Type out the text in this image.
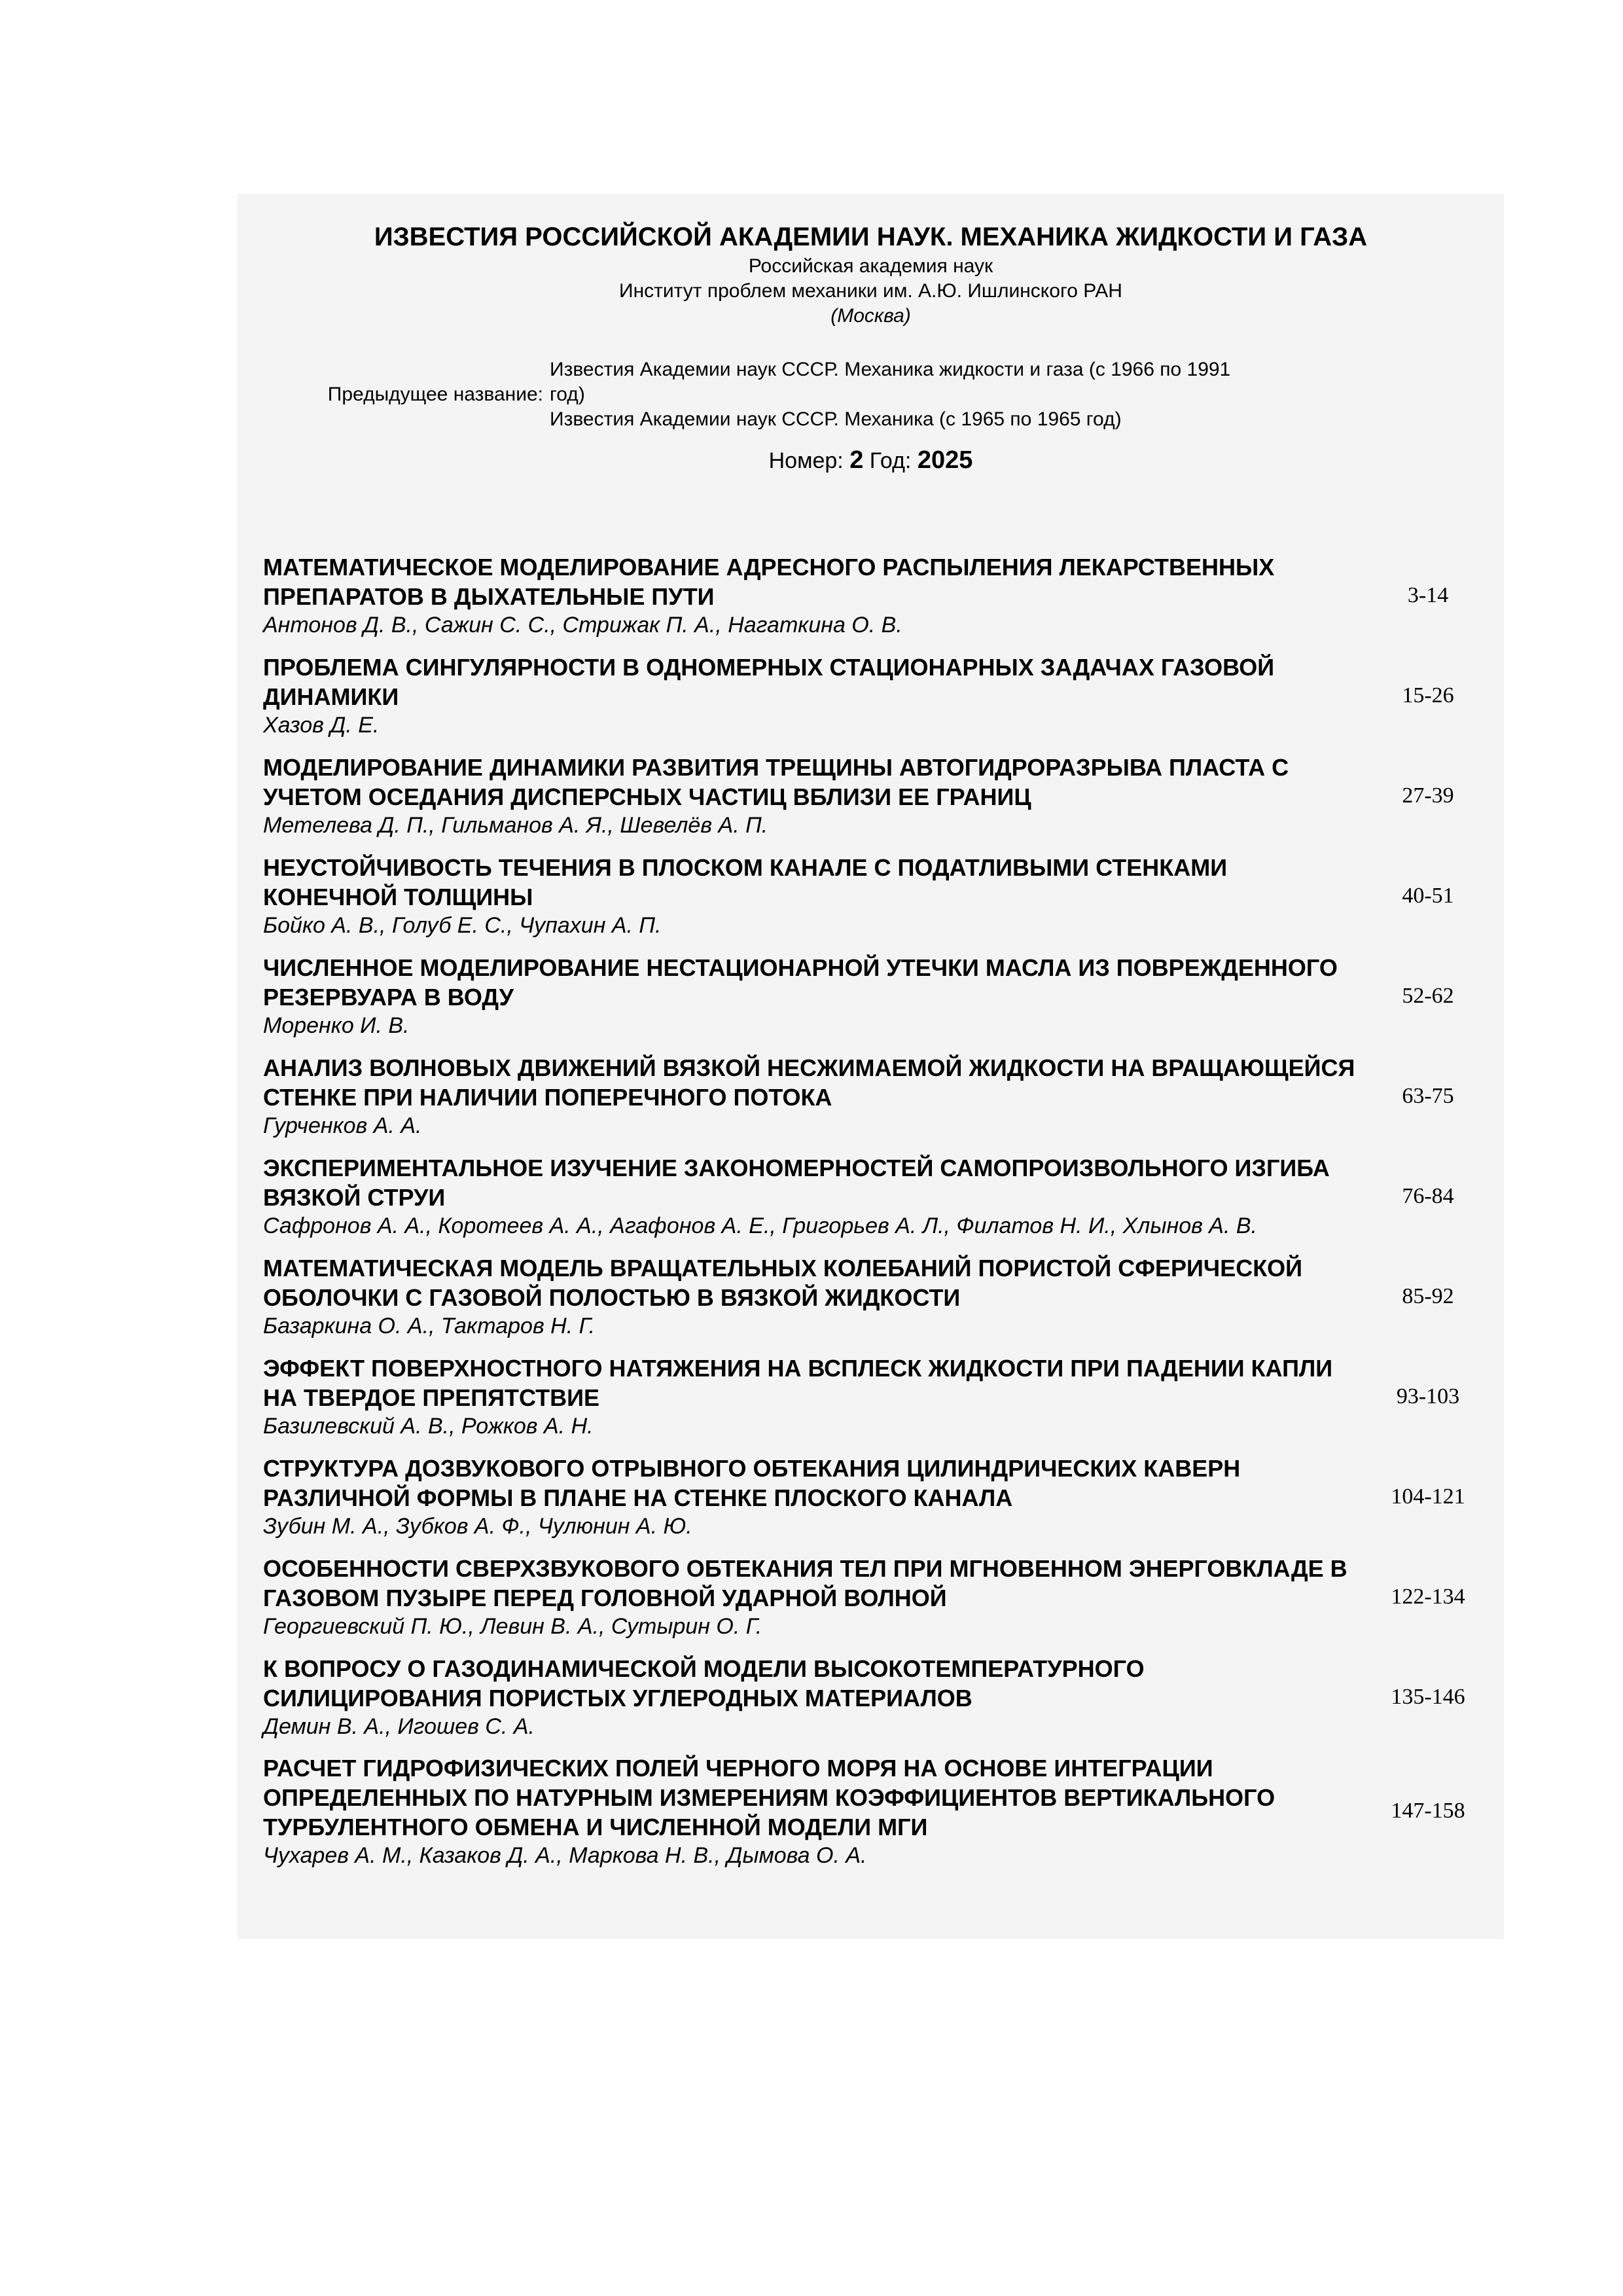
ИЗВЕСТИЯ РОССИЙСКОЙ АКАДЕМИИ НАУК. МЕХАНИКА ЖИДКОСТИ И ГАЗА
Российская академия наук
Институт проблем механики им. А.Ю. Ишлинского РАН
(Москва)
Предыдущее название:
Известия Академии наук СССР. Механика жидкости и газа (с 1966 по 1991 год)
Известия Академии наук СССР. Механика (с 1965 по 1965 год)
Номер: 2 Год: 2025
МАТЕМАТИЧЕСКОЕ МОДЕЛИРОВАНИЕ АДРЕСНОГО РАСПЫЛЕНИЯ ЛЕКАРСТВЕННЫХ ПРЕПАРАТОВ В ДЫХАТЕЛЬНЫЕ ПУТИ
Антонов Д. В., Сажин С. С., Стрижак П. А., Нагаткина О. В.
3-14
ПРОБЛЕМА СИНГУЛЯРНОСТИ В ОДНОМЕРНЫХ СТАЦИОНАРНЫХ ЗАДАЧАХ ГАЗОВОЙ ДИНАМИКИ
Хазов Д. Е.
15-26
МОДЕЛИРОВАНИЕ ДИНАМИКИ РАЗВИТИЯ ТРЕЩИНЫ АВТОГИДРОРАЗРЫВА ПЛАСТА С УЧЕТОМ ОСЕДАНИЯ ДИСПЕРСНЫХ ЧАСТИЦ ВБЛИЗИ ЕЕ ГРАНИЦ
Метелева Д. П., Гильманов А. Я., Шевелёв А. П.
27-39
НЕУСТОЙЧИВОСТЬ ТЕЧЕНИЯ В ПЛОСКОМ КАНАЛЕ С ПОДАТЛИВЫМИ СТЕНКАМИ КОНЕЧНОЙ ТОЛЩИНЫ
Бойко А. В., Голуб Е. С., Чупахин А. П.
40-51
ЧИСЛЕННОЕ МОДЕЛИРОВАНИЕ НЕСТАЦИОНАРНОЙ УТЕЧКИ МАСЛА ИЗ ПОВРЕЖДЕННОГО РЕЗЕРВУАРА В ВОДУ
Моренко И. В.
52-62
АНАЛИЗ ВОЛНОВЫХ ДВИЖЕНИЙ ВЯЗКОЙ НЕСЖИМАЕМОЙ ЖИДКОСТИ НА ВРАЩАЮЩЕЙСЯ СТЕНКЕ ПРИ НАЛИЧИИ ПОПЕРЕЧНОГО ПОТОКА
Гурченков А. А.
63-75
ЭКСПЕРИМЕНТАЛЬНОЕ ИЗУЧЕНИЕ ЗАКОНОМЕРНОСТЕЙ САМОПРОИЗВОЛЬНОГО ИЗГИБА ВЯЗКОЙ СТРУИ
Сафронов А. А., Коротеев А. А., Агафонов А. Е., Григорьев А. Л., Филатов Н. И., Хлынов А. В.
76-84
МАТЕМАТИЧЕСКАЯ МОДЕЛЬ ВРАЩАТЕЛЬНЫХ КОЛЕБАНИЙ ПОРИСТОЙ СФЕРИЧЕСКОЙ ОБОЛОЧКИ С ГАЗОВОЙ ПОЛОСТЬЮ В ВЯЗКОЙ ЖИДКОСТИ
Базаркина О. А., Тактаров Н. Г.
85-92
ЭФФЕКТ ПОВЕРХНОСТНОГО НАТЯЖЕНИЯ НА ВСПЛЕСК ЖИДКОСТИ ПРИ ПАДЕНИИ КАПЛИ НА ТВЕРДОЕ ПРЕПЯТСТВИЕ
Базилевский А. В., Рожков А. Н.
93-103
СТРУКТУРА ДОЗВУКОВОГО ОТРЫВНОГО ОБТЕКАНИЯ ЦИЛИНДРИЧЕСКИХ КАВЕРН РАЗЛИЧНОЙ ФОРМЫ В ПЛАНЕ НА СТЕНКЕ ПЛОСКОГО КАНАЛА
Зубин М. А., Зубков А. Ф., Чулюнин А. Ю.
104-121
ОСОБЕННОСТИ СВЕРХЗВУКОВОГО ОБТЕКАНИЯ ТЕЛ ПРИ МГНОВЕННОМ ЭНЕРГОВКЛАДЕ В ГАЗОВОМ ПУЗЫРЕ ПЕРЕД ГОЛОВНОЙ УДАРНОЙ ВОЛНОЙ
Георгиевский П. Ю., Левин В. А., Сутырин О. Г.
122-134
К ВОПРОСУ О ГАЗОДИНАМИЧЕСКОЙ МОДЕЛИ ВЫСОКОТЕМПЕРАТУРНОГО СИЛИЦИРОВАНИЯ ПОРИСТЫХ УГЛЕРОДНЫХ МАТЕРИАЛОВ
Демин В. А., Игошев С. А.
135-146
РАСЧЕТ ГИДРОФИЗИЧЕСКИХ ПОЛЕЙ ЧЕРНОГО МОРЯ НА ОСНОВЕ ИНТЕГРАЦИИ ОПРЕДЕЛЕННЫХ ПО НАТУРНЫМ ИЗМЕРЕНИЯМ КОЭФФИЦИЕНТОВ ВЕРТИКАЛЬНОГО ТУРБУЛЕНТНОГО ОБМЕНА И ЧИСЛЕННОЙ МОДЕЛИ МГИ
Чухарев А. М., Казаков Д. А., Маркова Н. В., Дымова О. А.
147-158
